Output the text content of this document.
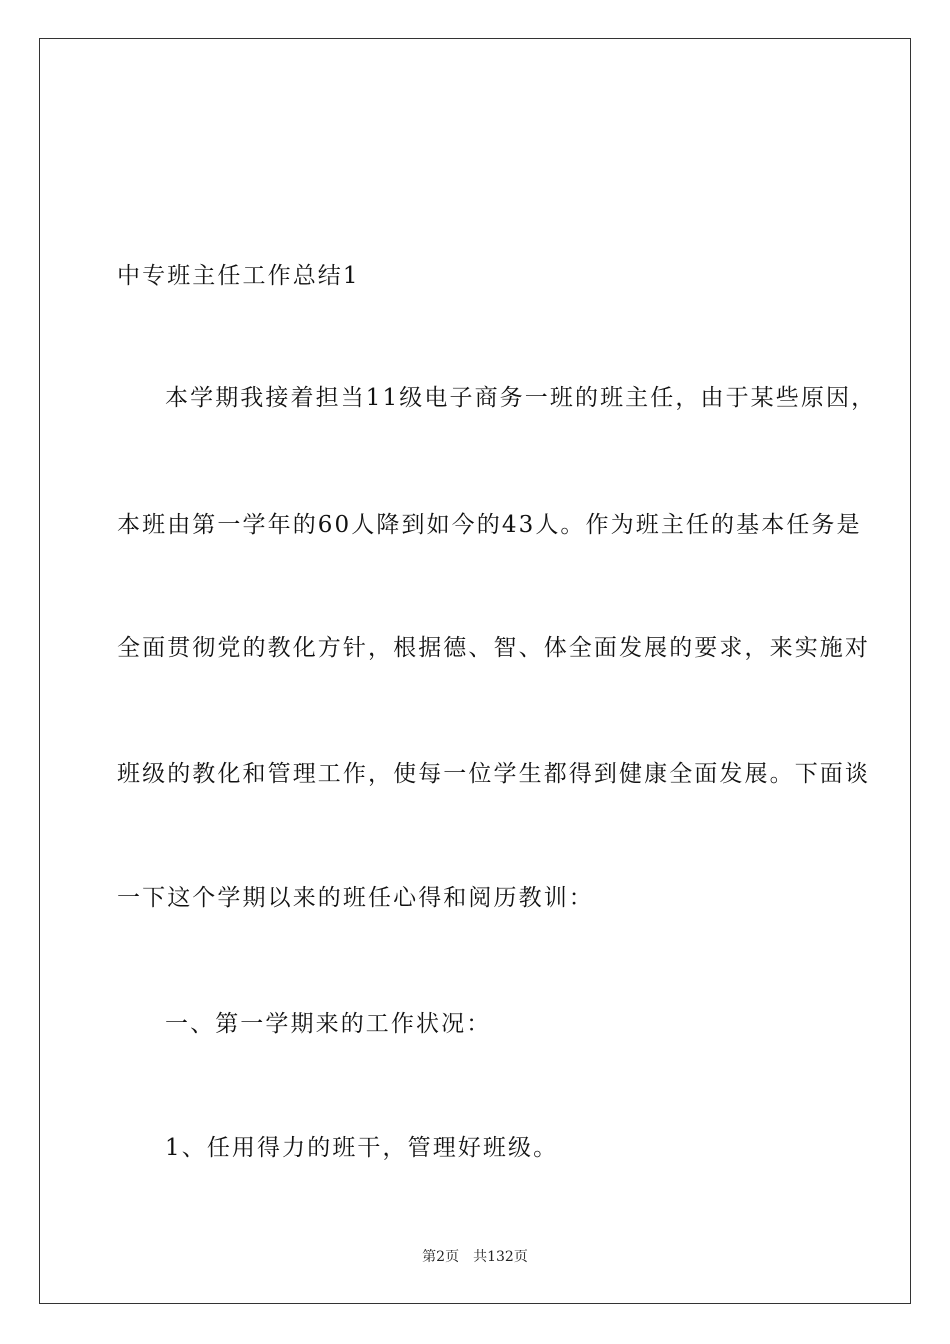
中专班主任工作总结1
本学期我接着担当11级电子商务一班的班主任，由于某些原因，
本班由第一学年的60人降到如今的43人。作为班主任的基本任务是
全面贯彻党的教化方针，根据德、智、体全面发展的要求，来实施对
班级的教化和管理工作，使每一位学生都得到健康全面发展。下面谈
一下这个学期以来的班任心得和阅历教训：
一、第一学期来的工作状况：
1、任用得力的班干，管理好班级。
第2页 共132页
